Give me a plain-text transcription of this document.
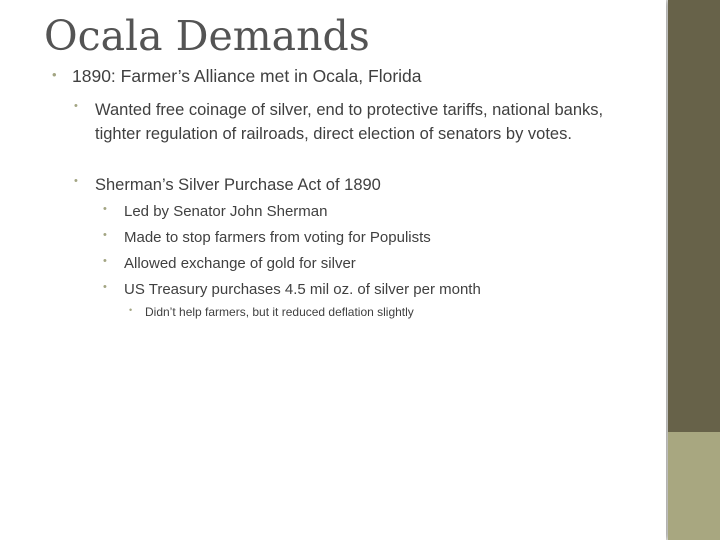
Ocala Demands
• 1890: Farmer’s Alliance met in Ocala, Florida
• Wanted free coinage of silver, end to protective tariffs, national banks, tighter regulation of railroads, direct election of senators by votes.
• Sherman’s Silver Purchase Act of 1890
• Led by Senator John Sherman
• Made to stop farmers from voting for Populists
• Allowed exchange of gold for silver
• US Treasury purchases 4.5 mil oz. of silver per month
• Didn’t help farmers, but it reduced deflation slightly
